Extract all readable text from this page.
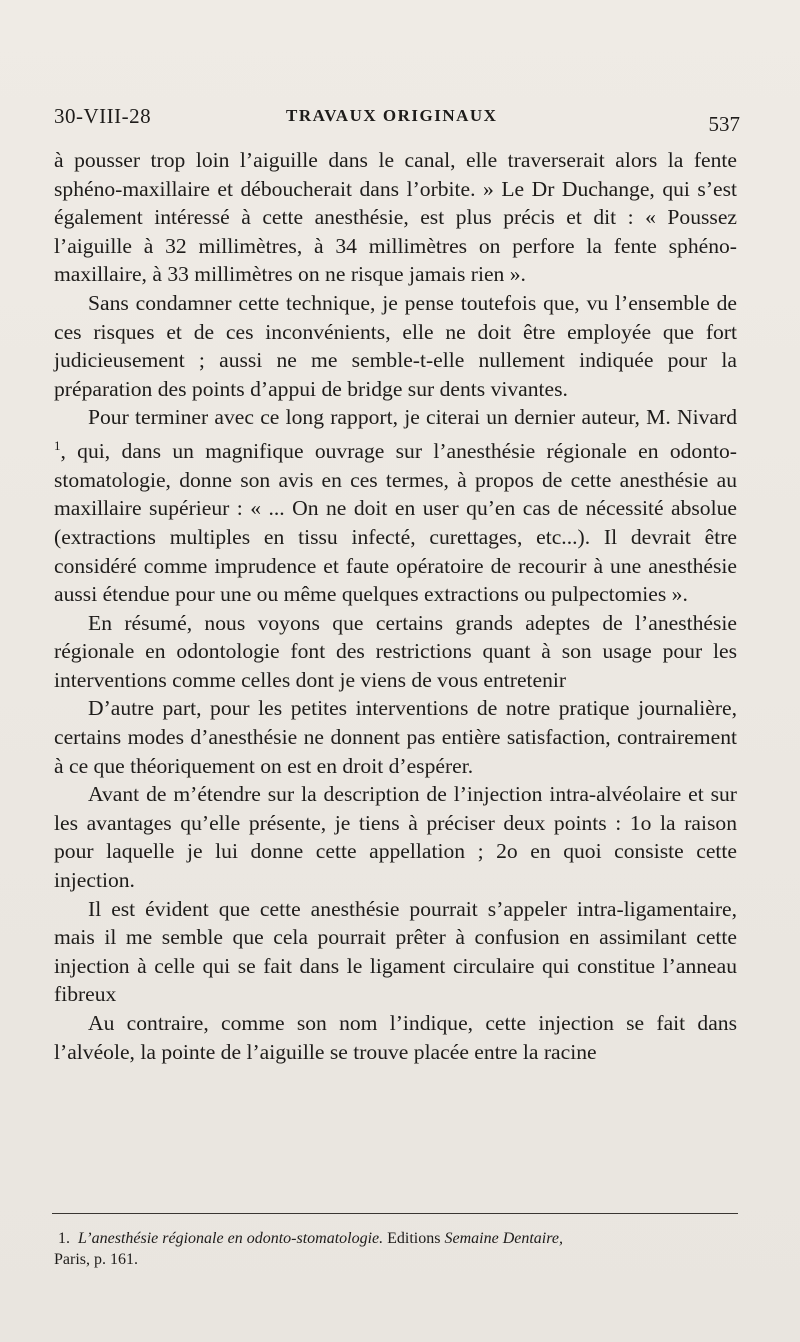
30-VIII-28	TRAVAUX ORIGINAUX	537

à pousser trop loin l’aiguille dans le canal, elle traverserait alors la fente sphéno-maxillaire et déboucherait dans l’orbite. » Le Dr Duchange, qui s’est également intéressé à cette anesthésie, est plus précis et dit : « Poussez l’aiguille à 32 millimètres, à 34 millimètres on perfore la fente sphéno-maxillaire, à 33 millimètres on ne risque jamais rien ».

Sans condamner cette technique, je pense toutefois que, vu l’ensemble de ces risques et de ces inconvénients, elle ne doit être employée que fort judicieusement ; aussi ne me semble-t-elle nullement indiquée pour la préparation des points d’appui de bridge sur dents vivantes.

Pour terminer avec ce long rapport, je citerai un dernier auteur, M. Nivard $^1$, qui, dans un magnifique ouvrage sur l’anesthésie régionale en odonto-stomatologie, donne son avis en ces termes, à propos de cette anesthésie au maxillaire supérieur : « ... On ne doit en user qu’en cas de nécessité absolue (extractions multiples en tissu infecté, curettages, etc...). Il devrait être considéré comme imprudence et faute opératoire de recourir à une anesthésie aussi étendue pour une ou même quelques extractions ou pulpectomies ».

En résumé, nous voyons que certains grands adeptes de l’anesthésie régionale en odontologie font des restrictions quant à son usage pour les interventions comme celles dont je viens de vous entretenir

D’autre part, pour les petites interventions de notre pratique journalière, certains modes d’anesthésie ne donnent pas entière satisfaction, contrairement à ce que théoriquement on est en droit d’espérer.

Avant de m’étendre sur la description de l’injection intra-alvéolaire et sur les avantages qu’elle présente, je tiens à préciser deux points : 1o la raison pour laquelle je lui donne cette appellation ; 2o en quoi consiste cette injection.

Il est évident que cette anesthésie pourrait s’appeler intra-ligamentaire, mais il me semble que cela pourrait prêter à confusion en assimilant cette injection à celle qui se fait dans le ligament circulaire qui constitue l’anneau fibreux

Au contraire, comme son nom l’indique, cette injection se fait dans l’alvéole, la pointe de l’aiguille se trouve placée entre la racine

1. L’anesthésie régionale en odonto-stomatologie. Editions Semaine Dentaire,
Paris, p. 161.
